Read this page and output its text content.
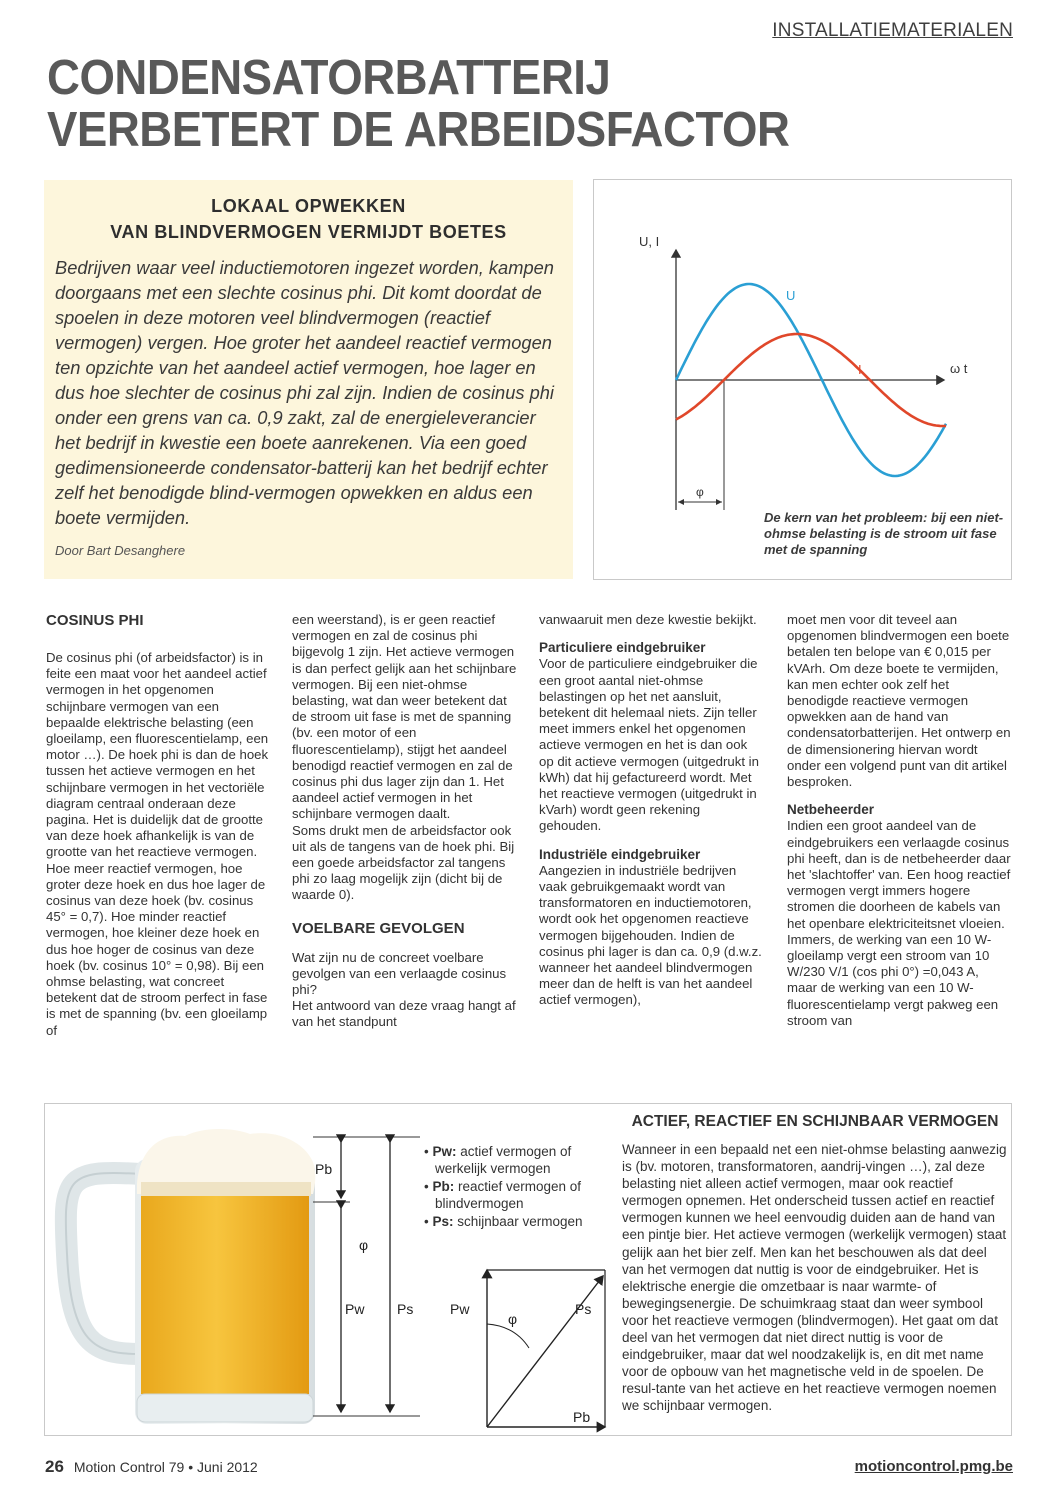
INSTALLATIEMATERIALEN
CONDENSATORBATTERIJ
VERBETERT DE ARBEIDSFACTOR
LOKAAL OPWEKKEN
VAN BLINDVERMOGEN VERMIJDT BOETES
Bedrijven waar veel inductiemotoren ingezet worden, kampen doorgaans met een slechte cosinus phi. Dit komt doordat de spoelen in deze motoren veel blindvermogen (reactief vermogen) vergen. Hoe groter het aandeel reactief vermogen ten opzichte van het aandeel actief vermogen, hoe lager en dus hoe slechter de cosinus phi zal zijn. Indien de cosinus phi onder een grens van ca. 0,9 zakt, zal de energieleverancier het bedrijf in kwestie een boete aanrekenen. Via een goed gedimensioneerde condensator-batterij kan het bedrijf echter zelf het benodigde blind-vermogen opwekken en aldus een boete vermijden.
Door Bart Desanghere
U, I
ω t
U
I
φ
De kern van het probleem: bij een niet-ohmse belasting is de stroom uit fase met de spanning
COSINUS PHI

De cosinus phi (of arbeidsfactor) is in feite een maat voor het aandeel actief vermogen in het opgenomen schijnbare vermogen van een bepaalde elektrische belasting (een gloeilamp, een fluorescentielamp, een motor …). De hoek phi is dan de hoek tussen het actieve vermogen en het schijnbare vermogen in het vectoriële diagram centraal onderaan deze pagina. Het is duidelijk dat de grootte van deze hoek afhankelijk is van de grootte van het reactieve vermogen. Hoe meer reactief vermogen, hoe groter deze hoek en dus hoe lager de cosinus van deze hoek (bv. cosinus 45° = 0,7). Hoe minder reactief vermogen, hoe kleiner deze hoek en dus hoe hoger de cosinus van deze hoek (bv. cosinus 10° = 0,98). Bij een ohmse belasting, wat concreet betekent dat de stroom perfect in fase is met de spanning (bv. een gloeilamp of

een weerstand), is er geen reactief vermogen en zal de cosinus phi bijgevolg 1 zijn. Het actieve vermogen is dan perfect gelijk aan het schijnbare vermogen. Bij een niet-ohmse belasting, wat dan weer betekent dat de stroom uit fase is met de spanning (bv. een motor of een fluorescentielamp), stijgt het aandeel benodigd reactief vermogen en zal de cosinus phi dus lager zijn dan 1. Het aandeel actief vermogen in het schijnbare vermogen daalt.

Soms drukt men de arbeidsfactor ook uit als de tangens van de hoek phi. Bij een goede arbeidsfactor zal tangens phi zo laag mogelijk zijn (dicht bij de waarde 0).

VOELBARE GEVOLGEN

Wat zijn nu de concreet voelbare gevolgen van een verlaagde cosinus phi?

Het antwoord van deze vraag hangt af van het standpunt

vanwaaruit men deze kwestie bekijkt.

Particuliere eindgebruiker

Voor de particuliere eindgebruiker die een groot aantal niet-ohmse belastingen op het net aansluit, betekent dit helemaal niets. Zijn teller meet immers enkel het opgenomen actieve vermogen en het is dan ook op dit actieve vermogen (uitgedrukt in kWh) dat hij gefactureerd wordt. Met het reactieve vermogen (uitgedrukt in kVarh) wordt geen rekening gehouden.

Industriële eindgebruiker

Aangezien in industriële bedrijven vaak gebruikgemaakt wordt van transformatoren en inductiemotoren, wordt ook het opgenomen reactieve vermogen bijgehouden. Indien de cosinus phi lager is dan ca. 0,9 (d.w.z. wanneer het aandeel blindvermogen meer dan de helft is van het aandeel actief vermogen),

moet men voor dit teveel aan opgenomen blindvermogen een boete betalen ten belope van € 0,015 per kVArh. Om deze boete te vermijden, kan men echter ook zelf het benodigde reactieve vermogen opwekken aan de hand van condensatorbatterijen. Het ontwerp en de dimensionering hiervan wordt onder een volgend punt van dit artikel besproken.

Netbeheerder

Indien een groot aandeel van de eindgebruikers een verlaagde cosinus phi heeft, dan is de netbeheerder daar het 'slachtoffer' van. Een hoog reactief vermogen vergt immers hogere stromen die doorheen de kabels van het openbare elektriciteitsnet vloeien. Immers, de werking van een 10 W-gloeilamp vergt een stroom van 10 W/230 V/1 (cos phi 0°) =0,043 A, maar de werking van een 10 W-fluorescentielamp vergt pakweg een stroom van

Pb
φ
Pw Ps	Pw
φ
Ps
Pb
• Pw: actief vermogen of werkelijk vermogen
• Pb: reactief vermogen of blindvermogen
• Ps: schijnbaar vermogen
ACTIEF, REACTIEF EN SCHIJNBAAR VERMOGEN
Wanneer in een bepaald net een niet-ohmse belasting aanwezig is (bv. motoren, transformatoren, aandrij-vingen …), zal deze belasting niet alleen actief vermogen, maar ook reactief vermogen opnemen. Het onderscheid tussen actief en reactief vermogen kunnen we heel eenvoudig duiden aan de hand van een pintje bier. Het actieve vermogen (werkelijk vermogen) staat gelijk aan het bier zelf. Men kan het beschouwen als dat deel van het vermogen dat nuttig is voor de eindgebruiker. Het is elektrische energie die omzetbaar is naar warmte- of bewegingsenergie. De schuimkraag staat dan weer symbool voor het reactieve vermogen (blindvermogen). Het gaat om dat deel van het vermogen dat niet direct nuttig is voor de eindgebruiker, maar dat wel noodzakelijk is, en dit met name voor de opbouw van het magnetische veld in de spoelen. De resul-tante van het actieve en het reactieve vermogen noemen we schijnbaar vermogen.
26 Motion Control 79 • Juni 2012	motioncontrol.pmg.be
